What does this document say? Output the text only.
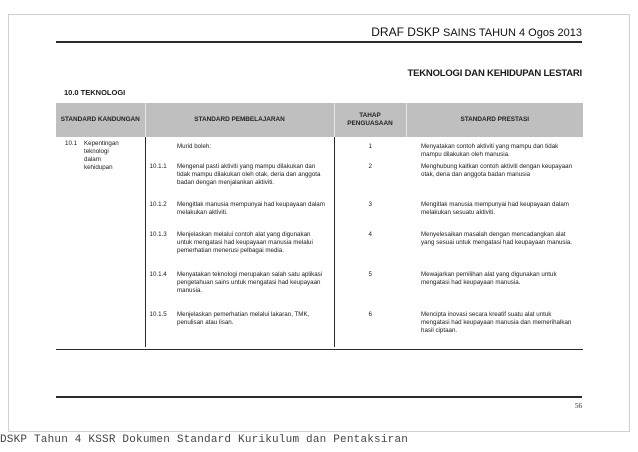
DRAF DSKP SAINS TAHUN 4 Ogos 2013
TEKNOLOGI DAN KEHIDUPAN LESTARI
10.0 TEKNOLOGI
STANDARD KANDUNGAN		STANDARD PEMBELAJARAN		TAHAP PENGUASAAN	STANDARD PRESTASI	
10.1	Kepentingan teknologi dalam kehidupan		Murid boleh:	1		Menyatakan contoh aktiviti yang mampu dan tidak mampu dilakukan oleh manusia.
		10.1.1	Mengenal pasti aktiviti yang mampu dilakukan dan tidak mampu dilakukan oleh otak, deria dan anggota badan dengan menjalankan aktiviti.	2		Menghubung kaitkan contoh aktiviti dengan keupayaan otak, deria dan anggota badan manusia
		10.1.2	Mengitlak manusia mempunyai had keupayaan dalam melakukan aktiviti.	3		Mengitlak manusia mempunyai had keupayaan dalam melakukan sesuatu aktiviti.
		10.1.3	Menjelaskan melalui contoh alat yang digunakan untuk mengatasi had keupayaan manusia melalui pemerhatian menerusi pelbagai media.	4		Menyelesaikan masalah dengan mencadangkan alat yang sesuai untuk mengatasi had keupayaan manusia.
		10.1.4	Menyatakan teknologi merupakan salah satu aplikasi pengetahuan sains untuk mengatasi had keupayaan manusia.	5		Mewajarkan pemilihan alat yang digunakan untuk mengatasi had keupayaan manusia.
		10.1.5	Menjelaskan pemerhatian melalui lakaran, TMK, penulisan atau lisan.	6		Mencipta inovasi secara kreatif suatu alat untuk mengatasi had keupayaan manusia dan memerihalkan hasil ciptaan.

56
DSKP Tahun 4 KSSR Dokumen Standard Kurikulum dan Pentaksiran
